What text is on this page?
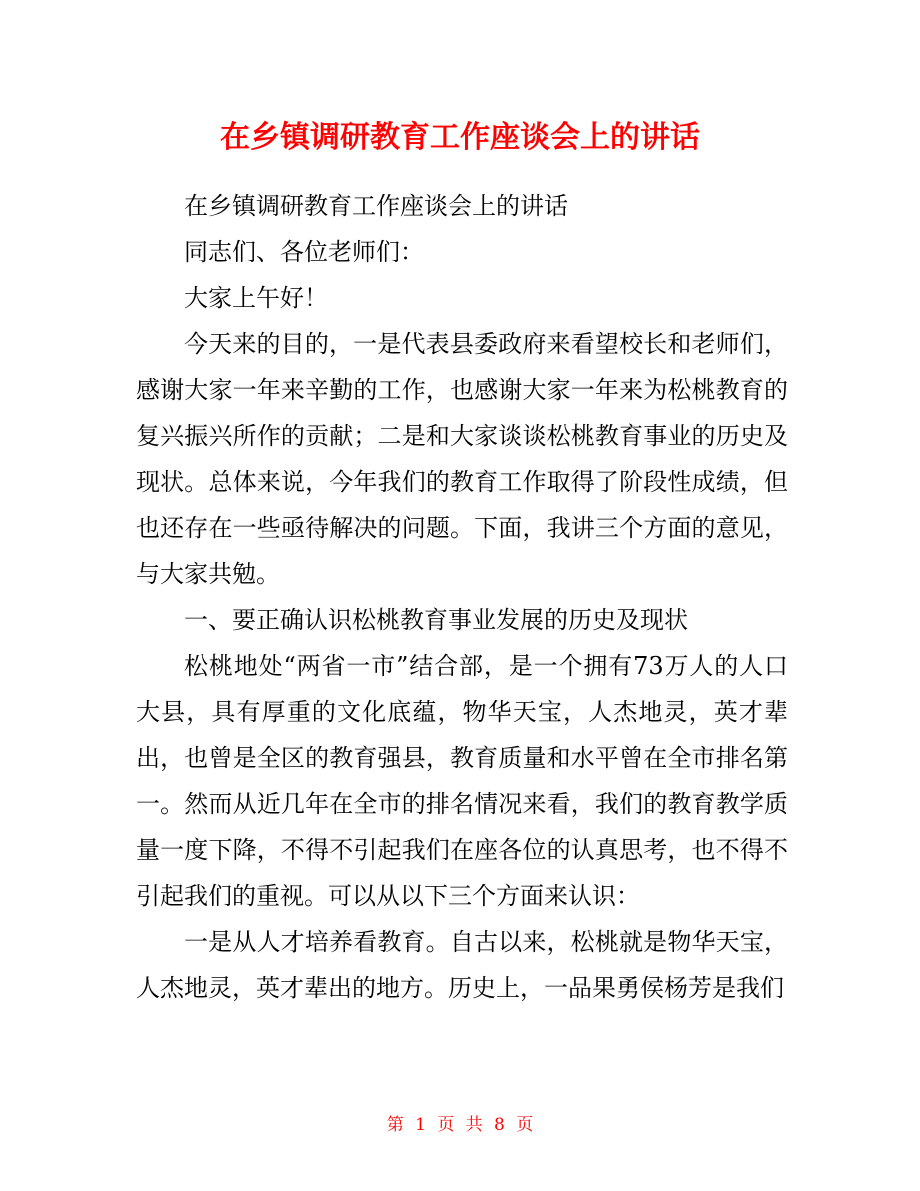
在乡镇调研教育工作座谈会上的讲话

在乡镇调研教育工作座谈会上的讲话

同志们、各位老师们：

大家上午好！

今天来的目的，一是代表县委政府来看望校长和老师们，感谢大家一年来辛勤的工作，也感谢大家一年来为松桃教育的复兴振兴所作的贡献；二是和大家谈谈松桃教育事业的历史及现状。总体来说，今年我们的教育工作取得了阶段性成绩，但也还存在一些亟待解决的问题。下面，我讲三个方面的意见，与大家共勉。

一、要正确认识松桃教育事业发展的历史及现状

松桃地处“两省一市”结合部，是一个拥有73万人的人口大县，具有厚重的文化底蕴，物华天宝，人杰地灵，英才辈出，也曾是全区的教育强县，教育质量和水平曾在全市排名第一。然而从近几年在全市的排名情况来看，我们的教育教学质量一度下降，不得不引起我们在座各位的认真思考，也不得不引起我们的重视。可以从以下三个方面来认识：

一是从人才培养看教育。自古以来，松桃就是物华天宝，人杰地灵，英才辈出的地方。历史上，一品果勇侯杨芳是我们

第 1 页 共 8 页
